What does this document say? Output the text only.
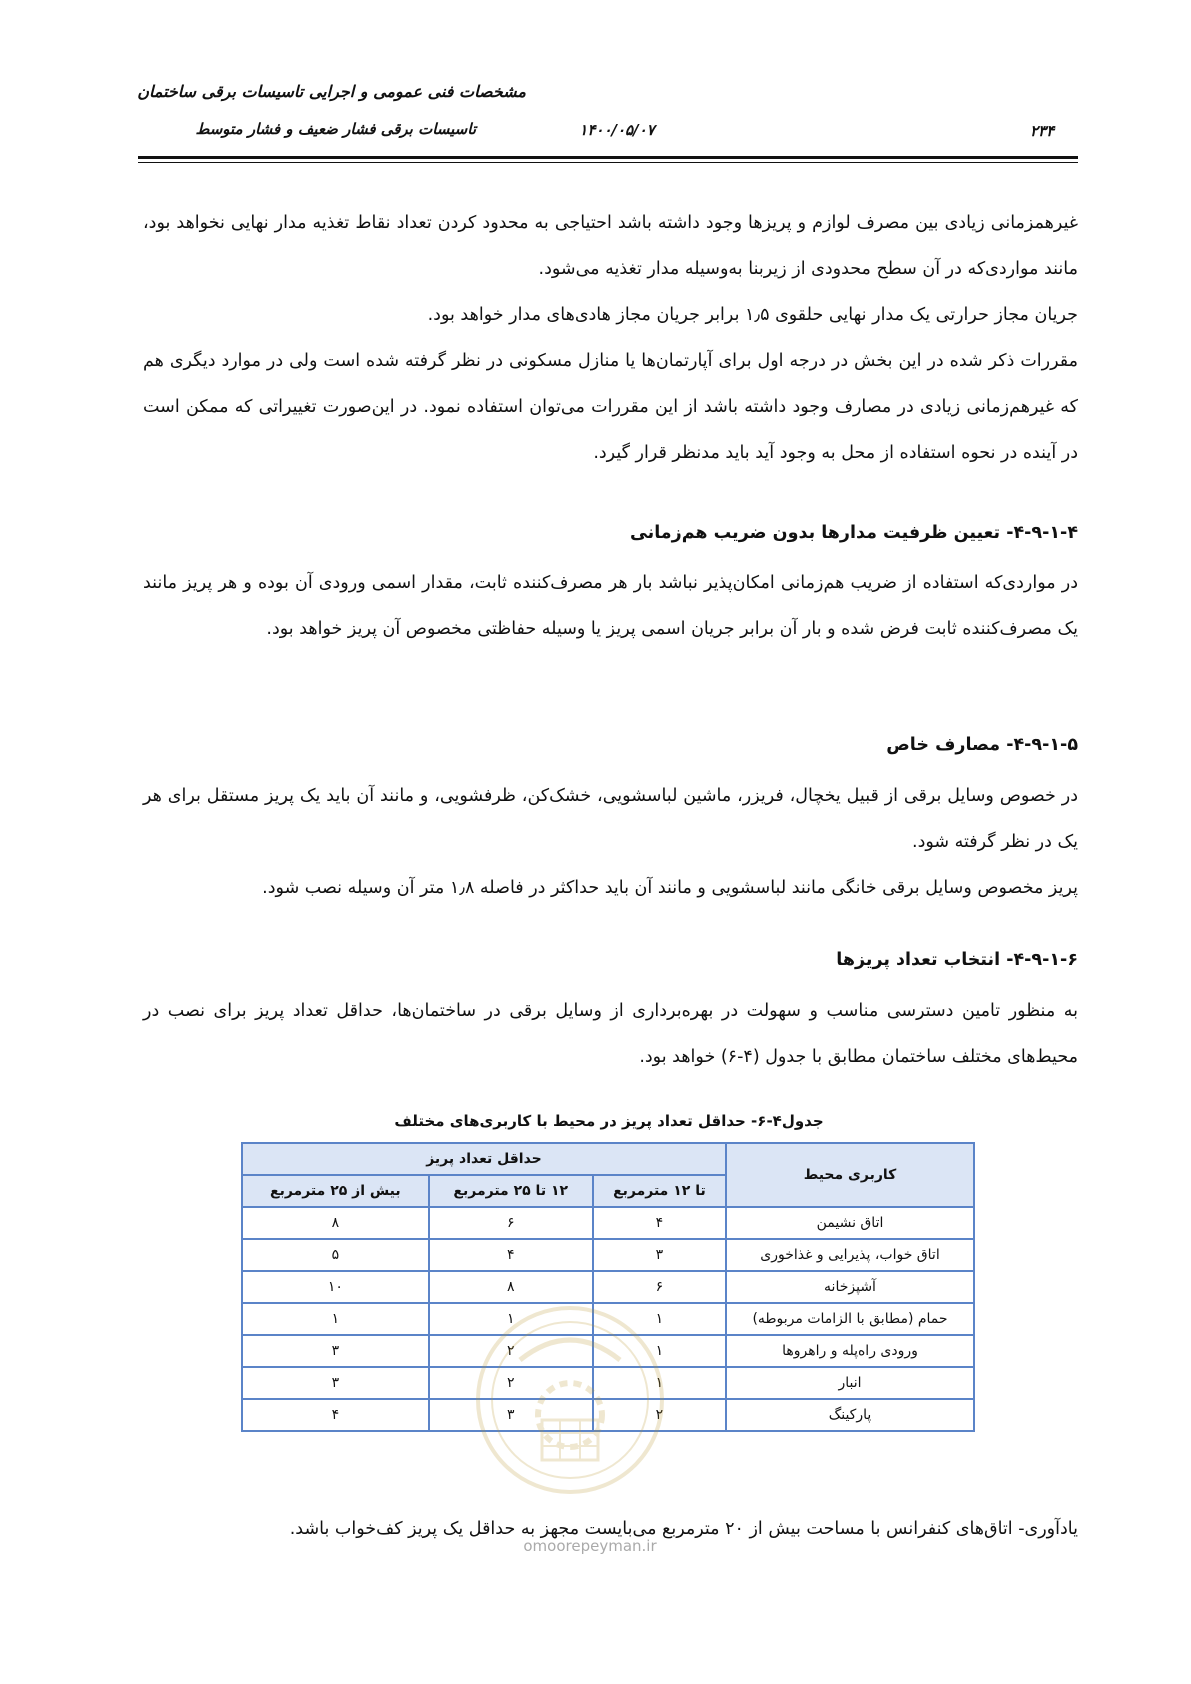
مشخصات فنی عمومی و اجرایی تاسیسات برقی ساختمان
تاسیسات برقی فشار ضعیف و فشار متوسط	۱۴۰۰/۰۵/۰۷	۲۳۴

غیرهمزمانی زیادی بین مصرف لوازم و پریزها وجود داشته باشد احتیاجی به محدود کردن تعداد نقاط تغذیه مدار نهایی نخواهد بود، مانند مواردی‌که در آن سطح محدودی از زیربنا به‌وسیله مدار تغذیه می‌شود.

جریان مجاز حرارتی یک مدار نهایی حلقوی ۱٫۵ برابر جریان مجاز هادی‌های مدار خواهد بود.

مقررات ذکر شده در این بخش در درجه اول برای آپارتمان‌ها یا منازل مسکونی در نظر گرفته شده است ولی در موارد دیگری هم که غیرهم‌زمانی زیادی در مصارف وجود داشته باشد از این مقررات می‌توان استفاده نمود. در این‌صورت تغییراتی که ممکن است در آینده در نحوه استفاده از محل به وجود آید باید مدنظر قرار گیرد.

۴-۹-۱-۴- تعیین ظرفیت مدارها بدون ضریب هم‌زمانی

در مواردی‌که استفاده از ضریب هم‌زمانی امکان‌پذیر نباشد بار هر مصرف‌کننده ثابت، مقدار اسمی ورودی آن بوده و هر پریز مانند یک مصرف‌کننده ثابت فرض شده و بار آن برابر جریان اسمی پریز یا وسیله حفاظتی مخصوص آن پریز خواهد بود.

۴-۹-۱-۵- مصارف خاص

در خصوص وسایل برقی از قبیل یخچال، فریزر، ماشین لباسشویی، خشک‌کن، ظرفشویی، و مانند آن باید یک پریز مستقل برای هر یک در نظر گرفته شود.

پریز مخصوص وسایل برقی خانگی مانند لباسشویی و مانند آن باید حداکثر در فاصله ۱٫۸ متر آن وسیله نصب شود.

۴-۹-۱-۶- انتخاب تعداد پریزها

به منظور تامین دسترسی مناسب و سهولت در بهره‌برداری از وسایل برقی در ساختمان‌ها، حداقل تعداد پریز برای نصب در محیط‌های مختلف ساختمان مطابق با جدول (۴-۶) خواهد بود.

جدول۴-۶- حداقل تعداد پریز در محیط با کاربری‌های مختلف
کاربری محیط	حداقل تعداد پریز		
	تا ۱۲ مترمربع	۱۲ تا ۲۵ مترمربع	بیش از ۲۵ مترمربع
اتاق نشیمن	۴	۶	۸
اتاق خواب، پذیرایی و غذاخوری	۳	۴	۵
آشپزخانه	۶	۸	۱۰
حمام (مطابق با الزامات مربوطه)	۱	۱	۱
ورودی راه‌پله و راهروها	۱	۲	۳
انبار	۱	۲	۳
پارکینگ	۲	۳	۴
omoorepeyman.ir

یادآوری- اتاق‌های کنفرانس با مساحت بیش از ۲۰ مترمربع می‌بایست مجهز به حداقل یک پریز کف‌خواب باشد.
